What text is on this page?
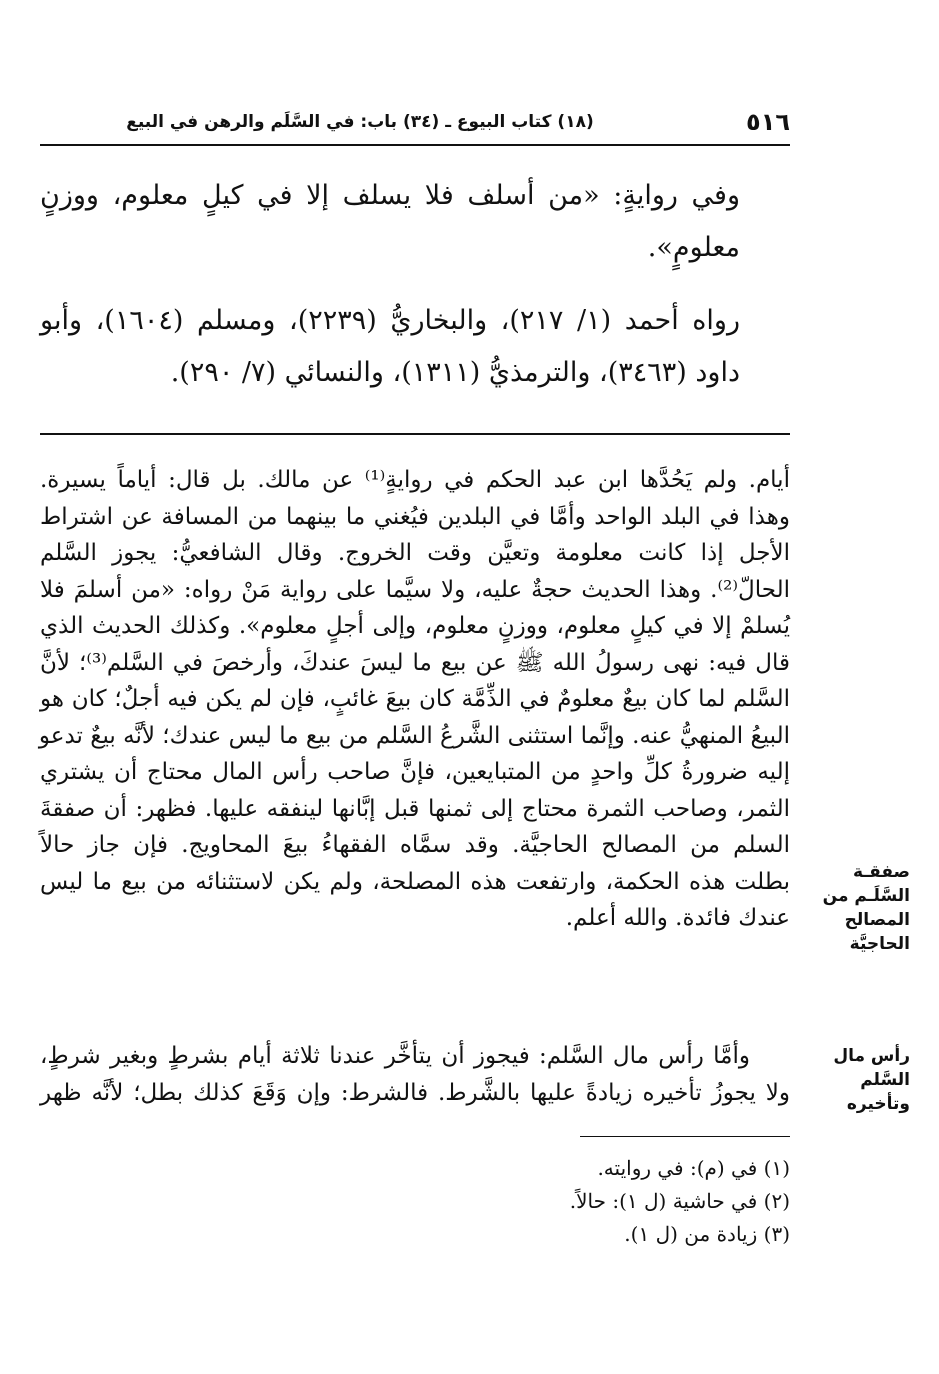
٥١٦
(١٨) كتاب البيوع ـ (٣٤) باب: في السَّلَم والرهن في البيع
وفي روايةٍ: «من أسلف فلا يسلف إلا في كيلٍ معلوم، ووزنٍ
معلومٍ».
رواه أحمد (١/ ٢١٧)، والبخاريُّ (٢٢٣٩)، ومسلم (١٦٠٤)، وأبو
داود (٣٤٦٣)، والترمذيُّ (١٣١١)، والنسائي (٧/ ٢٩٠).
أيام. ولم يَحُدَّها ابن عبد الحكم في روايةٍ⁽¹⁾ عن مالك. بل قال: أياماً يسيرة.
وهذا في البلد الواحد وأمَّا في البلدين فيُغني ما بينهما من المسافة عن اشتراط
الأجل إذا كانت معلومة وتعيَّن وقت الخروج. وقال الشافعيُّ: يجوز السَّلم
الحالّ⁽²⁾. وهذا الحديث حجةٌ عليه، ولا سيَّما على رواية مَنْ رواه: «من أسلمَ فلا
يُسلمْ إلا في كيلٍ معلوم، ووزنٍ معلوم، وإلى أجلٍ معلوم». وكذلك الحديث الذي
قال فيه: نهى رسولُ الله ﷺ عن بيع ما ليسَ عندكَ، وأرخصَ في السَّلم⁽³⁾؛ لأنَّ
السَّلم لما كان بيعٌ معلومٌ في الذِّمَّة كان بيعَ غائبٍ، فإن لم يكن فيه أجلٌ؛ كان هو
البيعُ المنهيُّ عنه. وإنَّما استثنى الشَّرعُ السَّلم من بيع ما ليس عندك؛ لأنَّه بيعٌ تدعو
إليه ضرورةُ كلِّ واحدٍ من المتبايعين، فإنَّ صاحب رأس المال محتاج أن يشتري
الثمر، وصاحب الثمرة محتاج إلى ثمنها قبل إبَّانها لينفقه عليها. فظهر: أن صفقةَ
السلم من المصالح الحاجيَّة. وقد سمَّاه الفقهاءُ بيعَ المحاويج. فإن جاز حالاً
بطلت هذه الحكمة، وارتفعت هذه المصلحة، ولم يكن لاستثنائه من بيع ما ليس
عندك فائدة. والله أعلم.
وأمَّا رأس مال السَّلم: فيجوز أن يتأخَّر عندنا ثلاثة أيام بشرطٍ وبغير شرطٍ،
ولا يجوزُ تأخيره زيادةً عليها بالشَّرط. فالشرط: وإن وَقَعَ كذلك بطل؛ لأنَّه ظهر
صفقـة السَّلَـم من المصالح الحاجيَّة
رأس مال السَّلم وتأخيره
(١) في (م): في روايته.
(٢) في حاشية (ل ١): حالاً.
(٣) زيادة من (ل ١).
